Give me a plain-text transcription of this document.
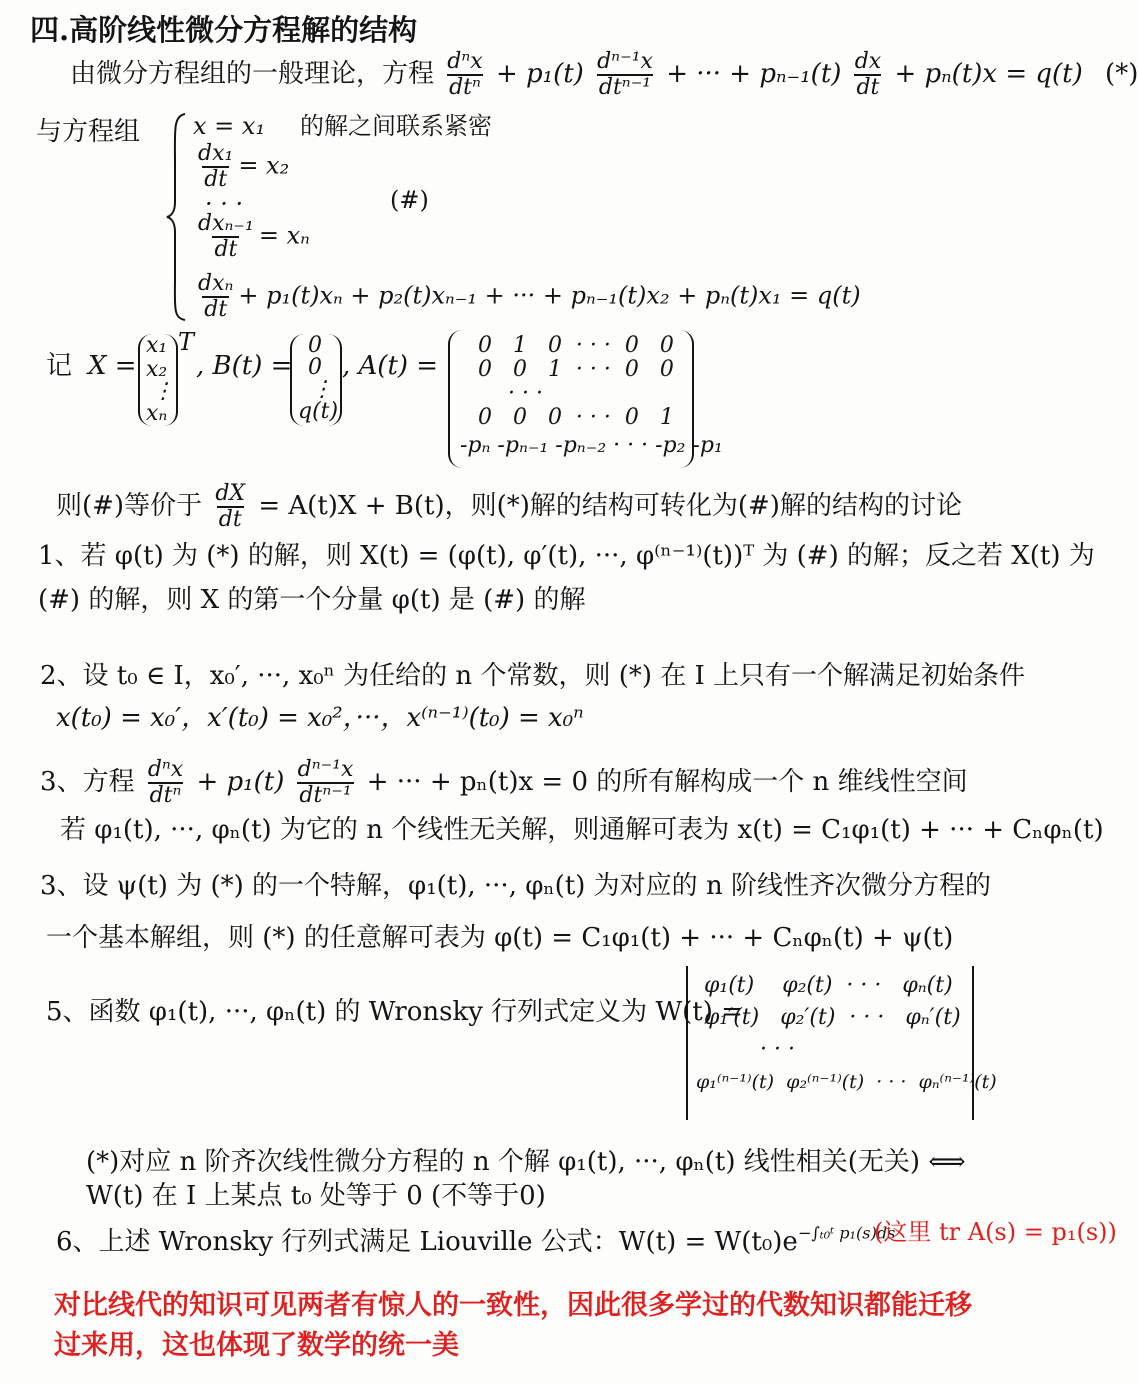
四.高阶线性微分方程解的结构
由微分方程组的一般理论，方程 $\frac{\text{dⁿx}}{\text{dtⁿ}} + p_1(t) \frac{\text{dⁿ⁻¹x}}{\text{dtⁿ⁻¹}}$ + ··· + $p_{n-1}(t) \frac{dx}{dt} + p_n(t)x = q(t)$ (*)
与方程组 x = x₁ 的解之间联系紧密
$\frac{\text{dx₁}}{dt} = x_2$
· · ·	(#)
$\frac{\text{dxₙ₋₁}}{dt} = x_n$
$\frac{\text{dxₙ}}{dt} + p_1(t)x_n + p_2(t)x_{n-1}$ + ··· + pₙ₋₁(t)x₂ + pₙ(t)x₁ = q(t)
记 X =
x₁
x₂
⋮
xₙ
T
, B(t) =
0
0
⋮
q(t)
, A(t) =
0   1   0  · · ·  0   0
0   0   1  · · ·  0   0
· · ·
0   0   0  · · ·  0   1
-pₙ -pₙ₋₁ -pₙ₋₂ · · · -p₂ -p₁
则(#)等价于 $\frac{dX}{dt} = A(t)X + B(t)$，则(*)解的结构可转化为(#)解的结构的讨论
1、若 φ(t) 为 (*) 的解，则 X(t) = (φ(t), φ′(t), ···, φ⁽ⁿ⁻¹⁾(t))ᵀ 为 (#) 的解；反之若 X(t) 为
(#) 的解，则 X 的第一个分量 φ(t) 是 (#) 的解
2、设 t₀ ∈ I，x₀′, ···, x₀ⁿ 为任给的 n 个常数，则 (*) 在 I 上只有一个解满足初始条件
x(t₀) = x₀′，x′(t₀) = x₀²，···，x⁽ⁿ⁻¹⁾(t₀) = x₀ⁿ
3、方程 $\frac{\text{dⁿx}}{\text{dtⁿ}} + p_1(t) \frac{\text{dⁿ⁻¹x}}{\text{dtⁿ⁻¹}}$ + ··· + pₙ(t)x = 0 的所有解构成一个 n 维线性空间
若 φ₁(t), ···, φₙ(t) 为它的 n 个线性无关解，则通解可表为 x(t) = C₁φ₁(t) + ··· + Cₙφₙ(t)
3、设 ψ(t) 为 (*) 的一个特解，φ₁(t), ···, φₙ(t) 为对应的 n 阶线性齐次微分方程的
一个基本解组，则 (*) 的任意解可表为 φ(t) = C₁φ₁(t) + ··· + Cₙφₙ(t) + ψ(t)
5、函数 φ₁(t), ···, φₙ(t) 的 Wronsky 行列式定义为 W(t) =
φ₁(t)    φ₂(t)  · · ·   φₙ(t)
φ₁′(t)   φ₂′(t)  · · ·   φₙ′(t)
· · ·
φ₁⁽ⁿ⁻¹⁾(t)  φ₂⁽ⁿ⁻¹⁾(t)  · · ·  φₙ⁽ⁿ⁻¹⁾(t)
(*)对应 n 阶齐次线性微分方程的 n 个解 φ₁(t), ···, φₙ(t) 线性相关(无关) ⟺
W(t) 在 I 上某点 t₀ 处等于 0 (不等于0)
6、上述 Wronsky 行列式满足 Liouville 公式：$W(t) = W(t_0)e^{-\int_{t0}ᵗ p_1(s)ds}$
(这里 tr A(s) = p₁(s))
对比线代的知识可见两者有惊人的一致性，因此很多学过的代数知识都能迁移
过来用，这也体现了数学的统一美
